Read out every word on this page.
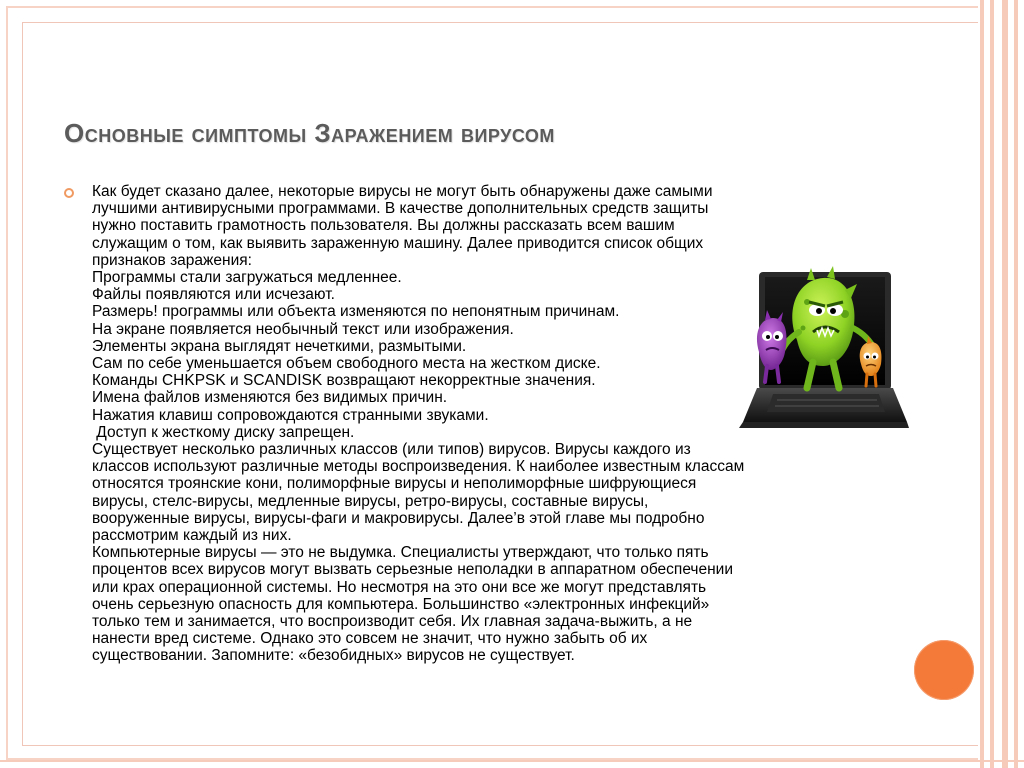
Основные симптомы Заражением вирусом
Как будет сказано далее, некоторые вирусы не могут быть обнаружены даже самыми
лучшими антивирусными программами. В качестве дополнительных средств защиты
нужно поставить грамотность пользователя. Вы должны рассказать всем вашим
служащим о том, как выявить зараженную машину. Далее приводится список общих
признаков заражения:
Программы стали загружаться медленнее.
Файлы появляются или исчезают.
Размерь! программы или объекта изменяются по непонятным причинам.
На экране появляется необычный текст или изображения.
Элементы экрана выглядят нечеткими, размытыми.
Сам по себе уменьшается объем свободного места на жестком диске.
Команды CHKPSK и SCANDISK возвращают некорректные значения.
Имена файлов изменяются без видимых причин.
Нажатия клавиш сопровождаются странными звуками.
Доступ к жесткому диску запрещен.
Существует несколько различных классов (или типов) вирусов. Вирусы каждого из
классов используют различные методы воспроизведения. К наиболее известным классам
относятся троянские кони, полиморфные вирусы и неполиморфные шифрующиеся
вирусы, стелс-вирусы, медленные вирусы, ретро-вирусы, составные вирусы,
вооруженные вирусы, вирусы-фаги и макровирусы. Далее’в этой главе мы подробно
рассмотрим каждый из них.
Компьютерные вирусы — это не выдумка. Специалисты утверждают, что только пять
процентов всех вирусов могут вызвать серьезные неполадки в аппаратном обеспечении
или крах операционной системы. Но несмотря на это они все же могут представлять
очень серьезную опасность для компьютера. Большинство «электронных инфекций»
только тем и занимается, что воспроизводит себя. Их главная задача-выжить, а не
нанести вред системе. Однако это совсем не значит, что нужно забыть об их
существовании. Запомните: «безобидных» вирусов не существует.
